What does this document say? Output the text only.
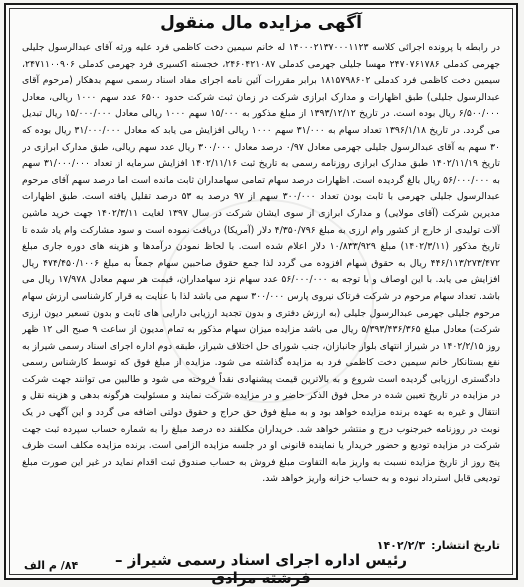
آگهی مزایده مال منقول
در رابطه با پرونده اجرائی کلاسه ۱۴۰۰۰۲۱۳۷۰۰۰۱۱۲۳ له خانم سیمین دخت کاظمی فرد علیه ورثه آقای عبدالرسول جلیلی جهرمی کدملی ۲۴۷۰۷۶۱۷۸۶ مهسا جلیلی جهرمی کدملی ۲۴۶۰۴۲۱۰۸۷، خجسته اکسیری فرد جهرمی کدملی ۲۴۷۱۱۰۰۹۰۶، سیمین دخت کاظمی فرد کدملی ۱۸۱۵۷۹۸۶۰۲ برابر مقررات آئین نامه اجرای مفاد اسناد رسمی سهم بدهکار (مرحوم آقای عبدالرسول جلیلی) طبق اظهارات و مدارک ابرازی شرکت در زمان ثبت شرکت حدود ۶۵۰۰ عدد سهم ۱۰۰۰ ریالی، معادل ۶/۵۰۰/۰۰۰ ریال بوده است. در تاریخ ۱۳۹۳/۱۲/۱۲ از مبلغ مذکور به ۱۵/۰۰۰ سهم ۱۰۰۰ ریالی معادل ۱۵/۰۰۰/۰۰۰ ریال تبدیل می گردد. در تاریخ ۱۳۹۶/۱/۱۸ تعداد سهام به ۳۱/۰۰۰ سهم ۱۰۰۰ ریالی افزایش می یابد که معادل ۳۱/۰۰۰/۰۰۰ ریال بوده که ۳۰ سهم به آقای عبدالرسول جلیلی جهرمی معادل ۰/۹۷ درصد معادل ۳۰۰/۰۰۰ ریال عدد سهم ریالی، طبق مدارک ابرازی در تاریخ ۱۴۰۲/۱۱/۱۹ طبق مدارک ابرازی روزنامه رسمی به تاریخ ثبت ۱۴۰۲/۱۱/۱۶ افزایش سرمایه از تعداد ۳۱/۰۰۰/۰۰۰ سهم به ۵۶/۰۰۰/۰۰۰ ریال بالغ گردیده است. اظهارات درصد سهام تمامی سهامداران ثابت مانده است اما درصد سهم آقای مرحوم عبدالرسول جلیلی جهرمی با ثابت بودن تعداد ۳۰۰/۰۰۰ سهم از ۹۷ درصد به ۵۳ درصد تقلیل یافته است. طبق اظهارات مدیرین شرکت (آقای مولایی) و مدارک ابرازی از سوی ایشان شرکت در سال ۱۳۹۷ لغایت ۱۴۰۲/۳/۱۱ جهت خرید ماشین آلات تولیدی از خارج از کشور وام ارزی به مبلغ ۴/۳۵۰/۷۹۶ دلار (آمریکا) دریافت نموده است و سود مشارکت وام یاد شده تا تاریخ مذکور (۱۴۰۲/۳/۱۱) مبلغ ۱۰/۸۳۳/۹۲۹ دلار اعلام شده است. با لحاظ نمودن درآمدها و هزینه های دوره جاری مبلغ ۴۴۶/۱۱۳/۲۷۳/۴۷۲ ریال به حقوق سهام افزوده می گردد لذا جمع حقوق صاحبین سهام جمعاً به مبلغ ۴۷۴/۴۵۰/۱۰۰۶ ریال افزایش می یابد. با این اوصاف و با توجه به ۵۶/۰۰۰/۰۰۰ عدد سهام نزد سهامداران، قیمت هر سهم معادل ۱۷/۹۷۸ ریال می باشد. تعداد سهام مرحوم در شرکت فرتاک نیروی پارس ۳۰۰/۰۰۰ سهم می باشد لذا با عنایت به قرار کارشناسی ارزش سهام مرحوم جلیلی جهرمی عبدالرسول جلیلی (به ارزش دفتری و بدون تجدید ارزیابی دارایی های ثابت و بدون تسعیر دیون ارزی شرکت) معادل مبلغ ۵/۳۹۳/۴۳۶/۳۶۵ ریال می باشد مزایده میزان سهام مذکور به تمام مدیون از ساعت ۹ صبح الی ۱۲ ظهر روز ۱۴۰۲/۲/۱۵ در شیراز انتهای بلوار جانبازان، جنب شورای حل اختلاف شیراز، طبقه دوم اداره اجرای اسناد رسمی شیراز به نفع بستانکار خانم سیمین دخت کاظمی فرد به مزایده گذاشته می شود. مزایده از مبلغ فوق که توسط کارشناس رسمی دادگستری ارزیابی گردیده است شروع و به بالاترین قیمت پیشنهادی نقداً فروخته می شود و طالبین می توانند جهت شرکت در مزایده در تاریخ تعیین شده در محل فوق الذکر حاضر و در مزایده شرکت نمایند و مسئولیت هرگونه بدهی و هزینه نقل و انتقال و غیره به عهده برنده مزایده خواهد بود و به مبلغ فوق حق حراج و حقوق دولتی اضافه می گردد و این آگهی در یک نوبت در روزنامه خبرجنوب درج و منتشر خواهد شد. خریداران مکلفند ده درصد مبلغ را به شماره حساب سپرده ثبت جهت شرکت در مزایده تودیع و حضور خریدار یا نماینده قانونی او در جلسه مزایده الزامی است. برنده مزایده مکلف است ظرف پنج روز از تاریخ مزایده نسبت به واریز مابه التفاوت مبلغ فروش به حساب صندوق ثبت اقدام نماید در غیر این صورت مبلغ تودیعی قابل استرداد نبوده و به حساب خزانه واریز خواهد شد.
تاریخ انتشار:۱۴۰۲/۲/۳
رئیس اداره اجرای اسناد رسمی شیراز – فرشته مرادی
۸۴/ م الف
